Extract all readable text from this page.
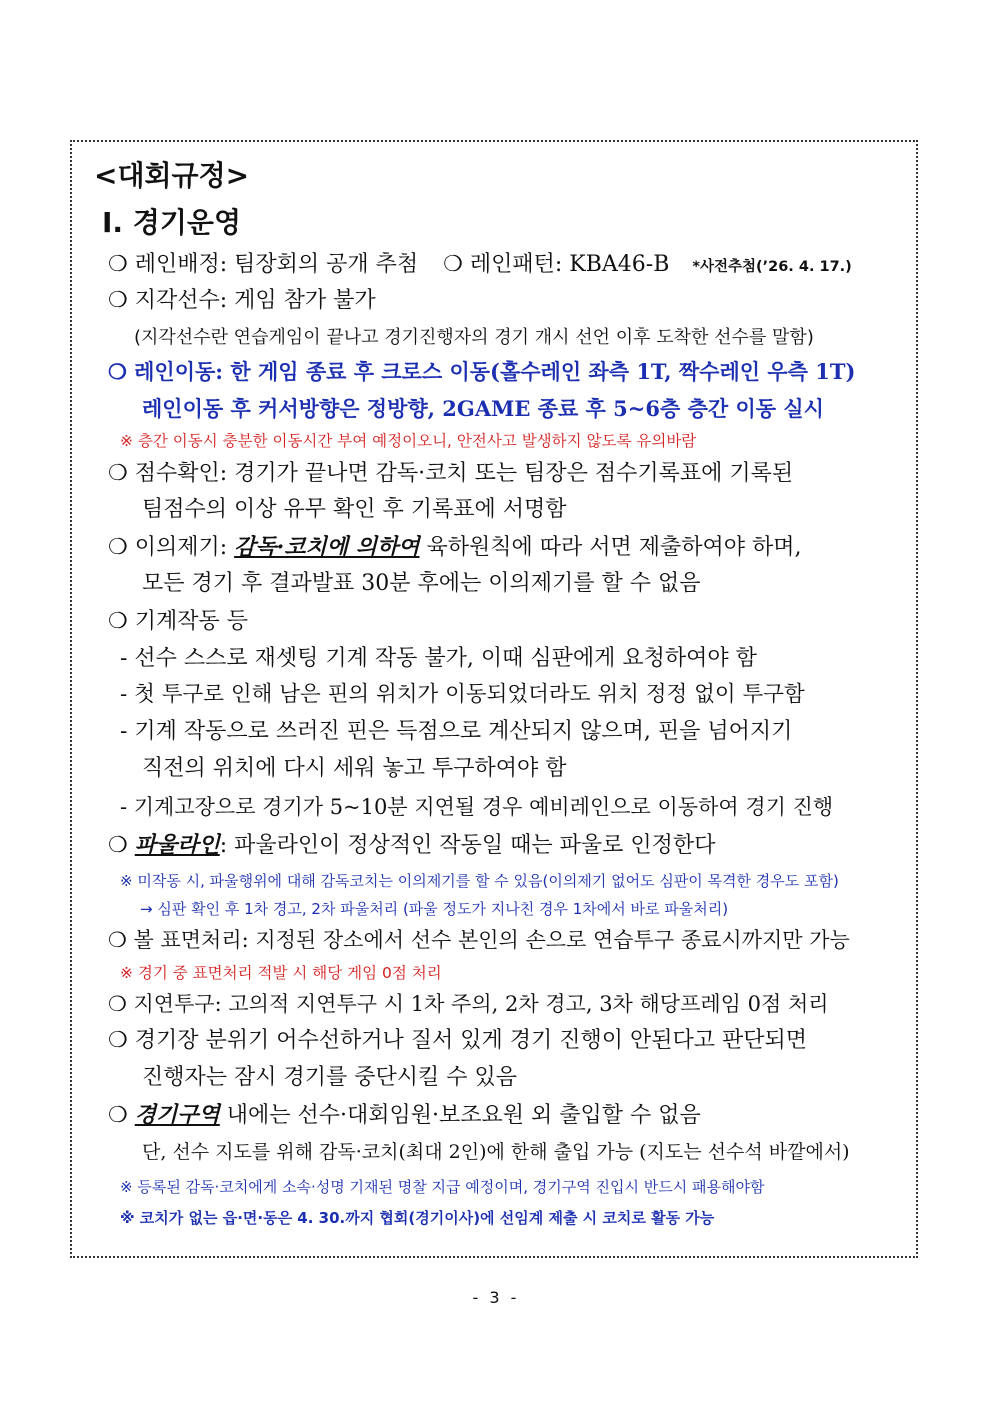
<대회규정>
Ⅰ. 경기운영
❍ 레인배정: 팀장회의 공개 추첨 ❍ 레인패턴: KBA46-B *사전추첨(’26. 4. 17.)
❍ 지각선수: 게임 참가 불가
(지각선수란 연습게임이 끝나고 경기진행자의 경기 개시 선언 이후 도착한 선수를 말함)
❍ 레인이동: 한 게임 종료 후 크로스 이동(홀수레인 좌측 1T, 짝수레인 우측 1T)
레인이동 후 커서방향은 정방향, 2GAME 종료 후 5~6층 층간 이동 실시
※ 층간 이동시 충분한 이동시간 부여 예정이오니, 안전사고 발생하지 않도록 유의바람
❍ 점수확인: 경기가 끝나면 감독·코치 또는 팀장은 점수기록표에 기록된
팀점수의 이상 유무 확인 후 기록표에 서명함
❍ 이의제기: 감독·코치에 의하여 육하원칙에 따라 서면 제출하여야 하며,
모든 경기 후 결과발표 30분 후에는 이의제기를 할 수 없음
❍ 기계작동 등
- 선수 스스로 재셋팅 기계 작동 불가, 이때 심판에게 요청하여야 함
- 첫 투구로 인해 남은 핀의 위치가 이동되었더라도 위치 정정 없이 투구함
- 기계 작동으로 쓰러진 핀은 득점으로 계산되지 않으며, 핀을 넘어지기
직전의 위치에 다시 세워 놓고 투구하여야 함
- 기계고장으로 경기가 5~10분 지연될 경우 예비레인으로 이동하여 경기 진행
❍ 파울라인: 파울라인이 정상적인 작동일 때는 파울로 인정한다
※ 미작동 시, 파울행위에 대해 감독코치는 이의제기를 할 수 있음(이의제기 없어도 심판이 목격한 경우도 포함)
→ 심판 확인 후 1차 경고, 2차 파울처리 (파울 정도가 지나친 경우 1차에서 바로 파울처리)
❍ 볼 표면처리: 지정된 장소에서 선수 본인의 손으로 연습투구 종료시까지만 가능
※ 경기 중 표면처리 적발 시 해당 게임 0점 처리
❍ 지연투구: 고의적 지연투구 시 1차 주의, 2차 경고, 3차 해당프레임 0점 처리
❍ 경기장 분위기 어수선하거나 질서 있게 경기 진행이 안된다고 판단되면
진행자는 잠시 경기를 중단시킬 수 있음
❍ 경기구역 내에는 선수·대회임원·보조요원 외 출입할 수 없음
단, 선수 지도를 위해 감독·코치(최대 2인)에 한해 출입 가능 (지도는 선수석 바깥에서)
※ 등록된 감독·코치에게 소속·성명 기재된 명찰 지급 예정이며, 경기구역 진입시 반드시 패용해야함
※ 코치가 없는 읍·면·동은 4. 30.까지 협회(경기이사)에 선임계 제출 시 코치로 활동 가능
- 3 -
